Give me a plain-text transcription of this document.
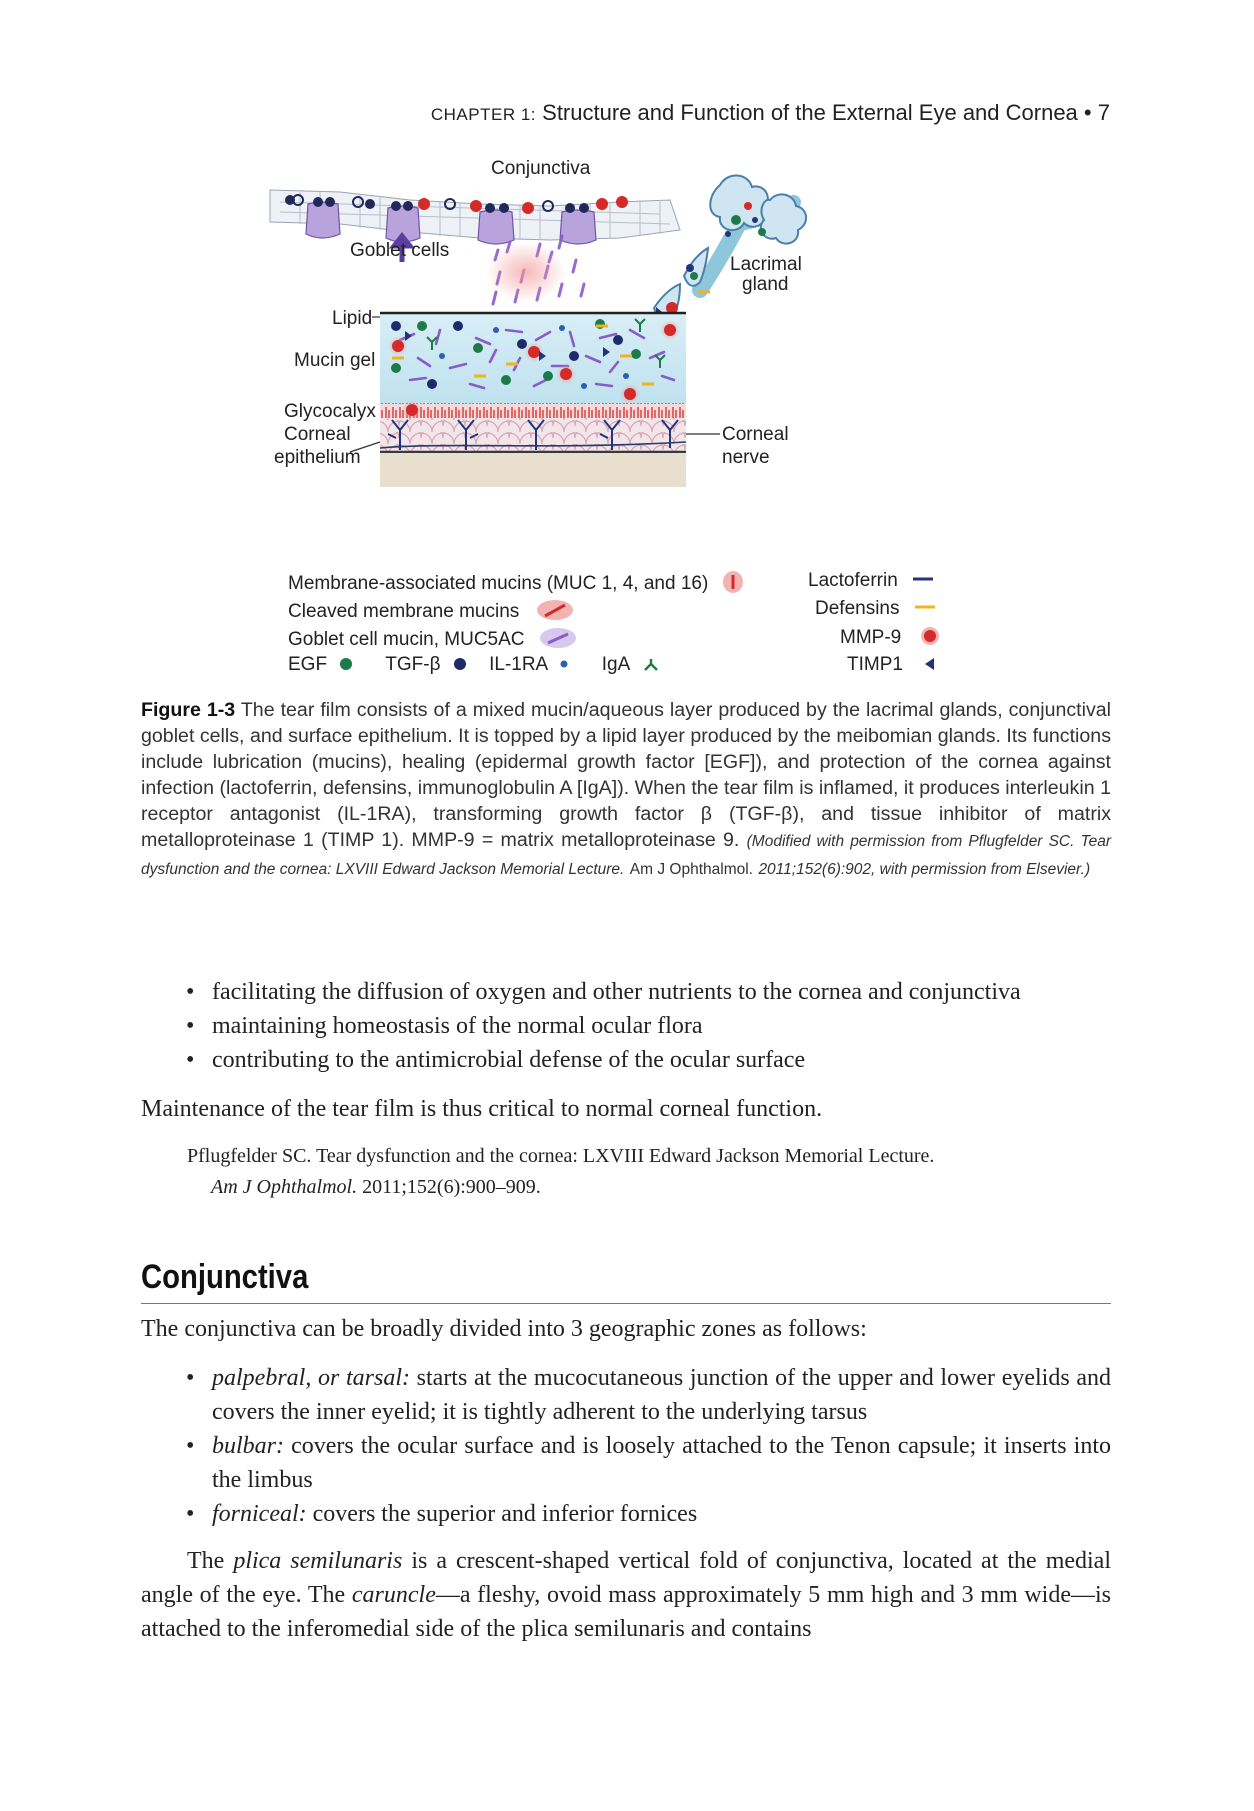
CHAPTER 1: Structure and Function of the External Eye and Cornea • 7
Conjunctiva
Goblet cells
Lacrimal
gland
Lipid
Mucin gel
Glycocalyx
Corneal
epithelium
Corneal
nerve
Membrane-associated mucins (MUC 1, 4, and 16)
Cleaved membrane mucins
Goblet cell mucin, MUC5AC
EGF	TGF-β	IL-1RA	IgA
Lactoferrin
Defensins
MMP-9
TIMP1
Figure 1-3 The tear film consists of a mixed mucin/aqueous layer produced by the lacrimal glands, conjunctival goblet cells, and surface epithelium. It is topped by a lipid layer produced by the meibomian glands. Its functions include lubrication (mucins), healing (epidermal growth factor [EGF]), and protection of the cornea against infection (lactoferrin, defensins, immunoglobulin A [IgA]). When the tear film is inflamed, it produces interleukin 1 receptor antagonist (IL-1RA), transforming growth factor β (TGF-β), and tissue inhibitor of matrix metalloproteinase 1 (TIMP 1). MMP-9 = matrix metalloproteinase 9. (Modified with permission from Pflugfelder SC. Tear dysfunction and the cornea: LXVIII Edward Jackson Memorial Lecture. Am J Ophthalmol. 2011;152(6):902, with permission from Elsevier.)
• facilitating the diffusion of oxygen and other nutrients to the cornea and conjunctiva
• maintaining homeostasis of the normal ocular flora
• contributing to the antimicrobial defense of the ocular surface
Maintenance of the tear film is thus critical to normal corneal function.
Pflugfelder SC. Tear dysfunction and the cornea: LXVIII Edward Jackson Memorial Lecture.
Am J Ophthalmol. 2011;152(6):900–909.
Conjunctiva
The conjunctiva can be broadly divided into 3 geographic zones as follows:
• palpebral, or tarsal: starts at the mucocutaneous junction of the upper and lower eyelids and covers the inner eyelid; it is tightly adherent to the underlying tarsus
• bulbar: covers the ocular surface and is loosely attached to the Tenon capsule; it inserts into the limbus
• forniceal: covers the superior and inferior fornices
The plica semilunaris is a crescent-shaped vertical fold of conjunctiva, located at the medial angle of the eye. The caruncle—a fleshy, ovoid mass approximately 5 mm high and 3 mm wide—is attached to the inferomedial side of the plica semilunaris and contains
